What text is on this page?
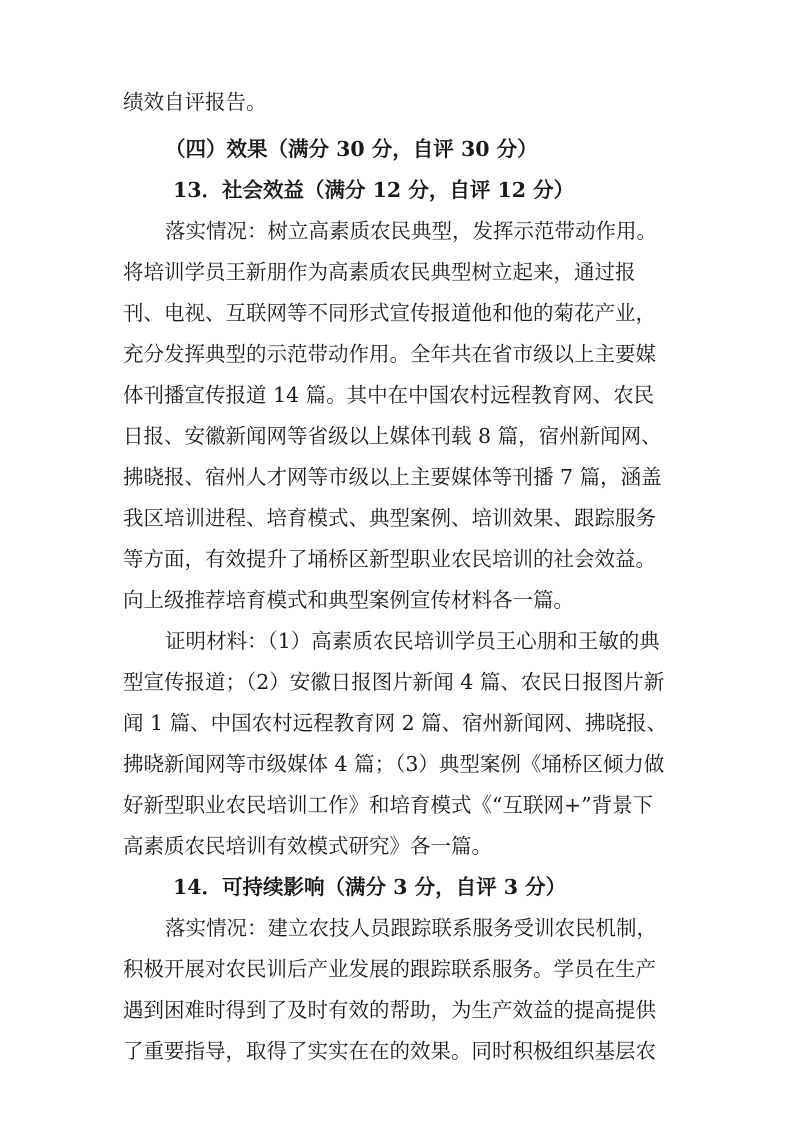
绩效自评报告。
（四）效果（满分 30 分，自评 30 分）
13．社会效益（满分 12 分，自评 12 分）
落实情况：树立高素质农民典型，发挥示范带动作用。
将培训学员王新朋作为高素质农民典型树立起来，通过报
刊、电视、互联网等不同形式宣传报道他和他的菊花产业，
充分发挥典型的示范带动作用。全年共在省市级以上主要媒
体刊播宣传报道 14 篇。其中在中国农村远程教育网、农民
日报、安徽新闻网等省级以上媒体刊载 8 篇，宿州新闻网、
拂晓报、宿州人才网等市级以上主要媒体等刊播 7 篇，涵盖
我区培训进程、培育模式、典型案例、培训效果、跟踪服务
等方面，有效提升了埇桥区新型职业农民培训的社会效益。
向上级推荐培育模式和典型案例宣传材料各一篇。
证明材料：（1）高素质农民培训学员王心朋和王敏的典
型宣传报道；（2）安徽日报图片新闻 4 篇、农民日报图片新
闻 1 篇、中国农村远程教育网 2 篇、宿州新闻网、拂晓报、
拂晓新闻网等市级媒体 4 篇；（3）典型案例《埇桥区倾力做
好新型职业农民培训工作》和培育模式《“互联网+”背景下
高素质农民培训有效模式研究》各一篇。
14．可持续影响（满分 3 分，自评 3 分）
落实情况：建立农技人员跟踪联系服务受训农民机制，
积极开展对农民训后产业发展的跟踪联系服务。学员在生产
遇到困难时得到了及时有效的帮助，为生产效益的提高提供
了重要指导，取得了实实在在的效果。同时积极组织基层农
